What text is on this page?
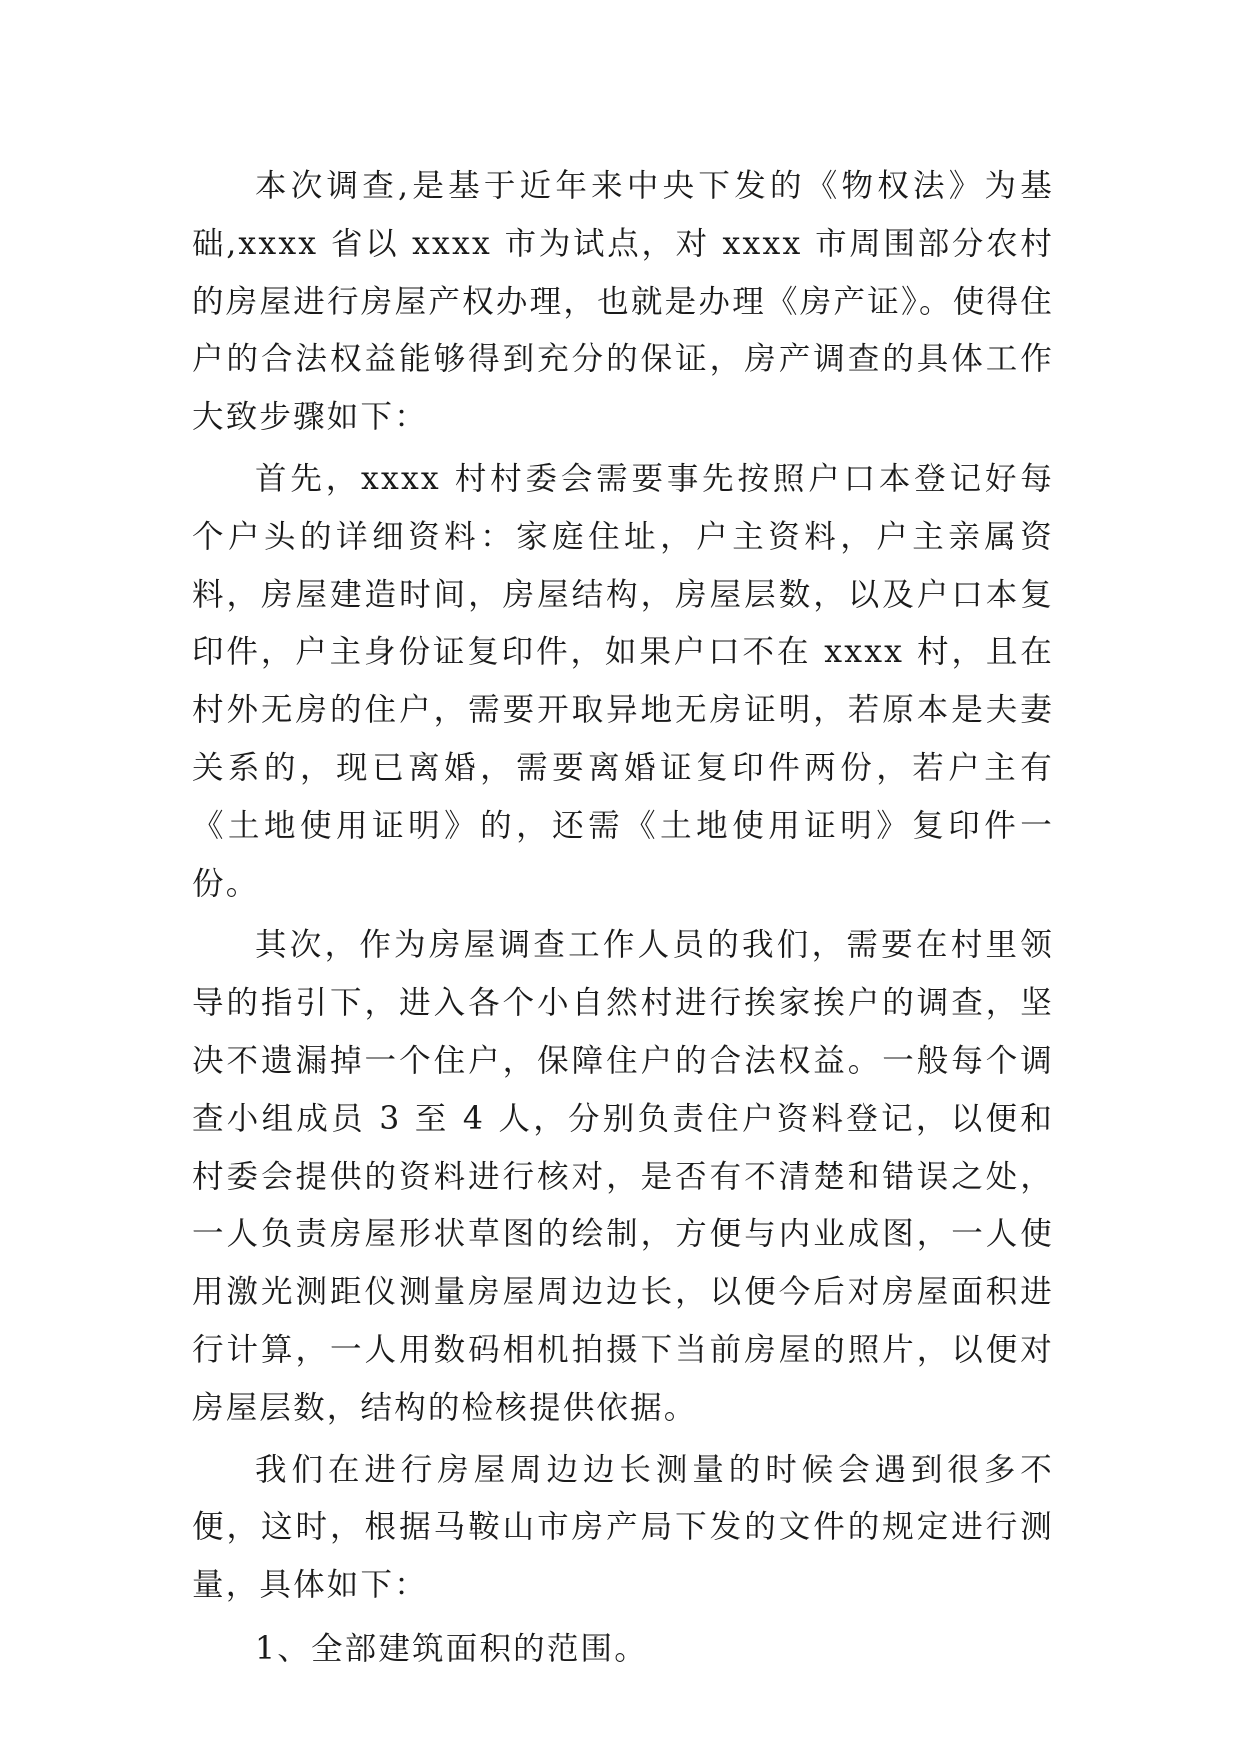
本次调查,是基于近年来中央下发的《物权法》为基础,xxxx 省以 xxxx 市为试点，对 xxxx 市周围部分农村的房屋进行房屋产权办理，也就是办理《房产证》。使得住户的合法权益能够得到充分的保证，房产调查的具体工作大致步骤如下：

首先，xxxx 村村委会需要事先按照户口本登记好每个户头的详细资料：家庭住址，户主资料，户主亲属资料，房屋建造时间，房屋结构，房屋层数，以及户口本复印件，户主身份证复印件，如果户口不在 xxxx 村，且在村外无房的住户，需要开取异地无房证明，若原本是夫妻关系的，现已离婚，需要离婚证复印件两份，若户主有《土地使用证明》的，还需《土地使用证明》复印件一份。

其次，作为房屋调查工作人员的我们，需要在村里领导的指引下，进入各个小自然村进行挨家挨户的调查，坚决不遗漏掉一个住户，保障住户的合法权益。一般每个调查小组成员 3 至 4 人，分别负责住户资料登记，以便和村委会提供的资料进行核对，是否有不清楚和错误之处，一人负责房屋形状草图的绘制，方便与内业成图，一人使用激光测距仪测量房屋周边边长，以便今后对房屋面积进行计算，一人用数码相机拍摄下当前房屋的照片，以便对房屋层数，结构的检核提供依据。

我们在进行房屋周边边长测量的时候会遇到很多不便，这时，根据马鞍山市房产局下发的文件的规定进行测量，具体如下：

1、全部建筑面积的范围。
